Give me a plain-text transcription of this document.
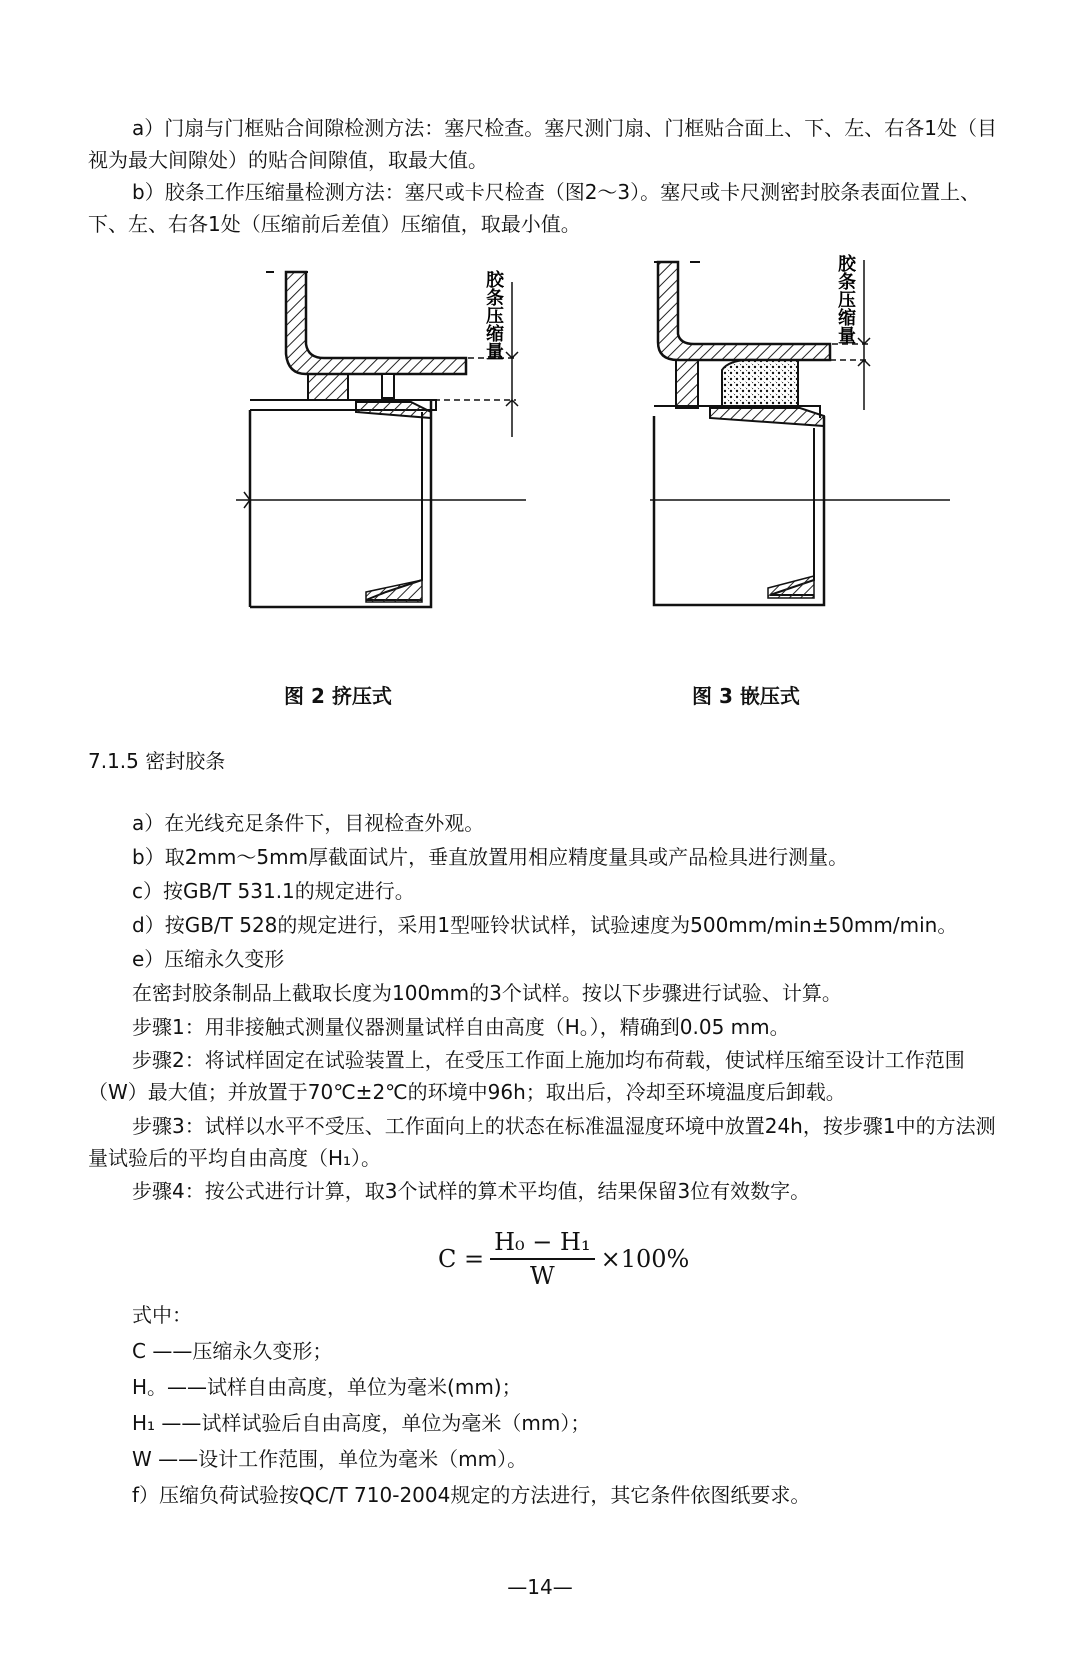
a）门扇与门框贴合间隙检测方法：塞尺检查。塞尺测门扇、门框贴合面上、下、左、右各1处（目视为最大间隙处）的贴合间隙值，取最大值。

b）胶条工作压缩量检测方法：塞尺或卡尺检查（图2～3）。塞尺或卡尺测密封胶条表面位置上、下、左、右各1处（压缩前后差值）压缩值，取最小值。

胶条压缩量	胶条压缩量
图 2 挤压式	图 3 嵌压式
7.1.5 密封胶条
a）在光线充足条件下，目视检查外观。
b）取2mm～5mm厚截面试片，垂直放置用相应精度量具或产品检具进行测量。
c）按GB/T 531.1的规定进行。
d）按GB/T 528的规定进行，采用1型哑铃状试样，试验速度为500mm/min±50mm/min。
e）压缩永久变形
在密封胶条制品上截取长度为100mm的3个试样。按以下步骤进行试验、计算。
步骤1：用非接触式测量仪器测量试样自由高度（H。），精确到0.05 mm。

步骤2：将试样固定在试验装置上，在受压工作面上施加均布荷载，使试样压缩至设计工作范围（W）最大值；并放置于70℃±2℃的环境中96h；取出后，冷却至环境温度后卸载。

步骤3：试样以水平不受压、工作面向上的状态在标准温湿度环境中放置24h，按步骤1中的方法测量试验后的平均自由高度（H₁）。

步骤4：按公式进行计算，取3个试样的算术平均值，结果保留3位有效数字。
$C = \frac{\text{H₀ − H₁}}{W} \times 100\%$
式中：
C ——压缩永久变形；
H。——试样自由高度，单位为毫米(mm)；
H₁ ——试样试验后自由高度，单位为毫米（mm）；
W ——设计工作范围，单位为毫米（mm）。
f）压缩负荷试验按QC/T 710-2004规定的方法进行，其它条件依图纸要求。
—14—
